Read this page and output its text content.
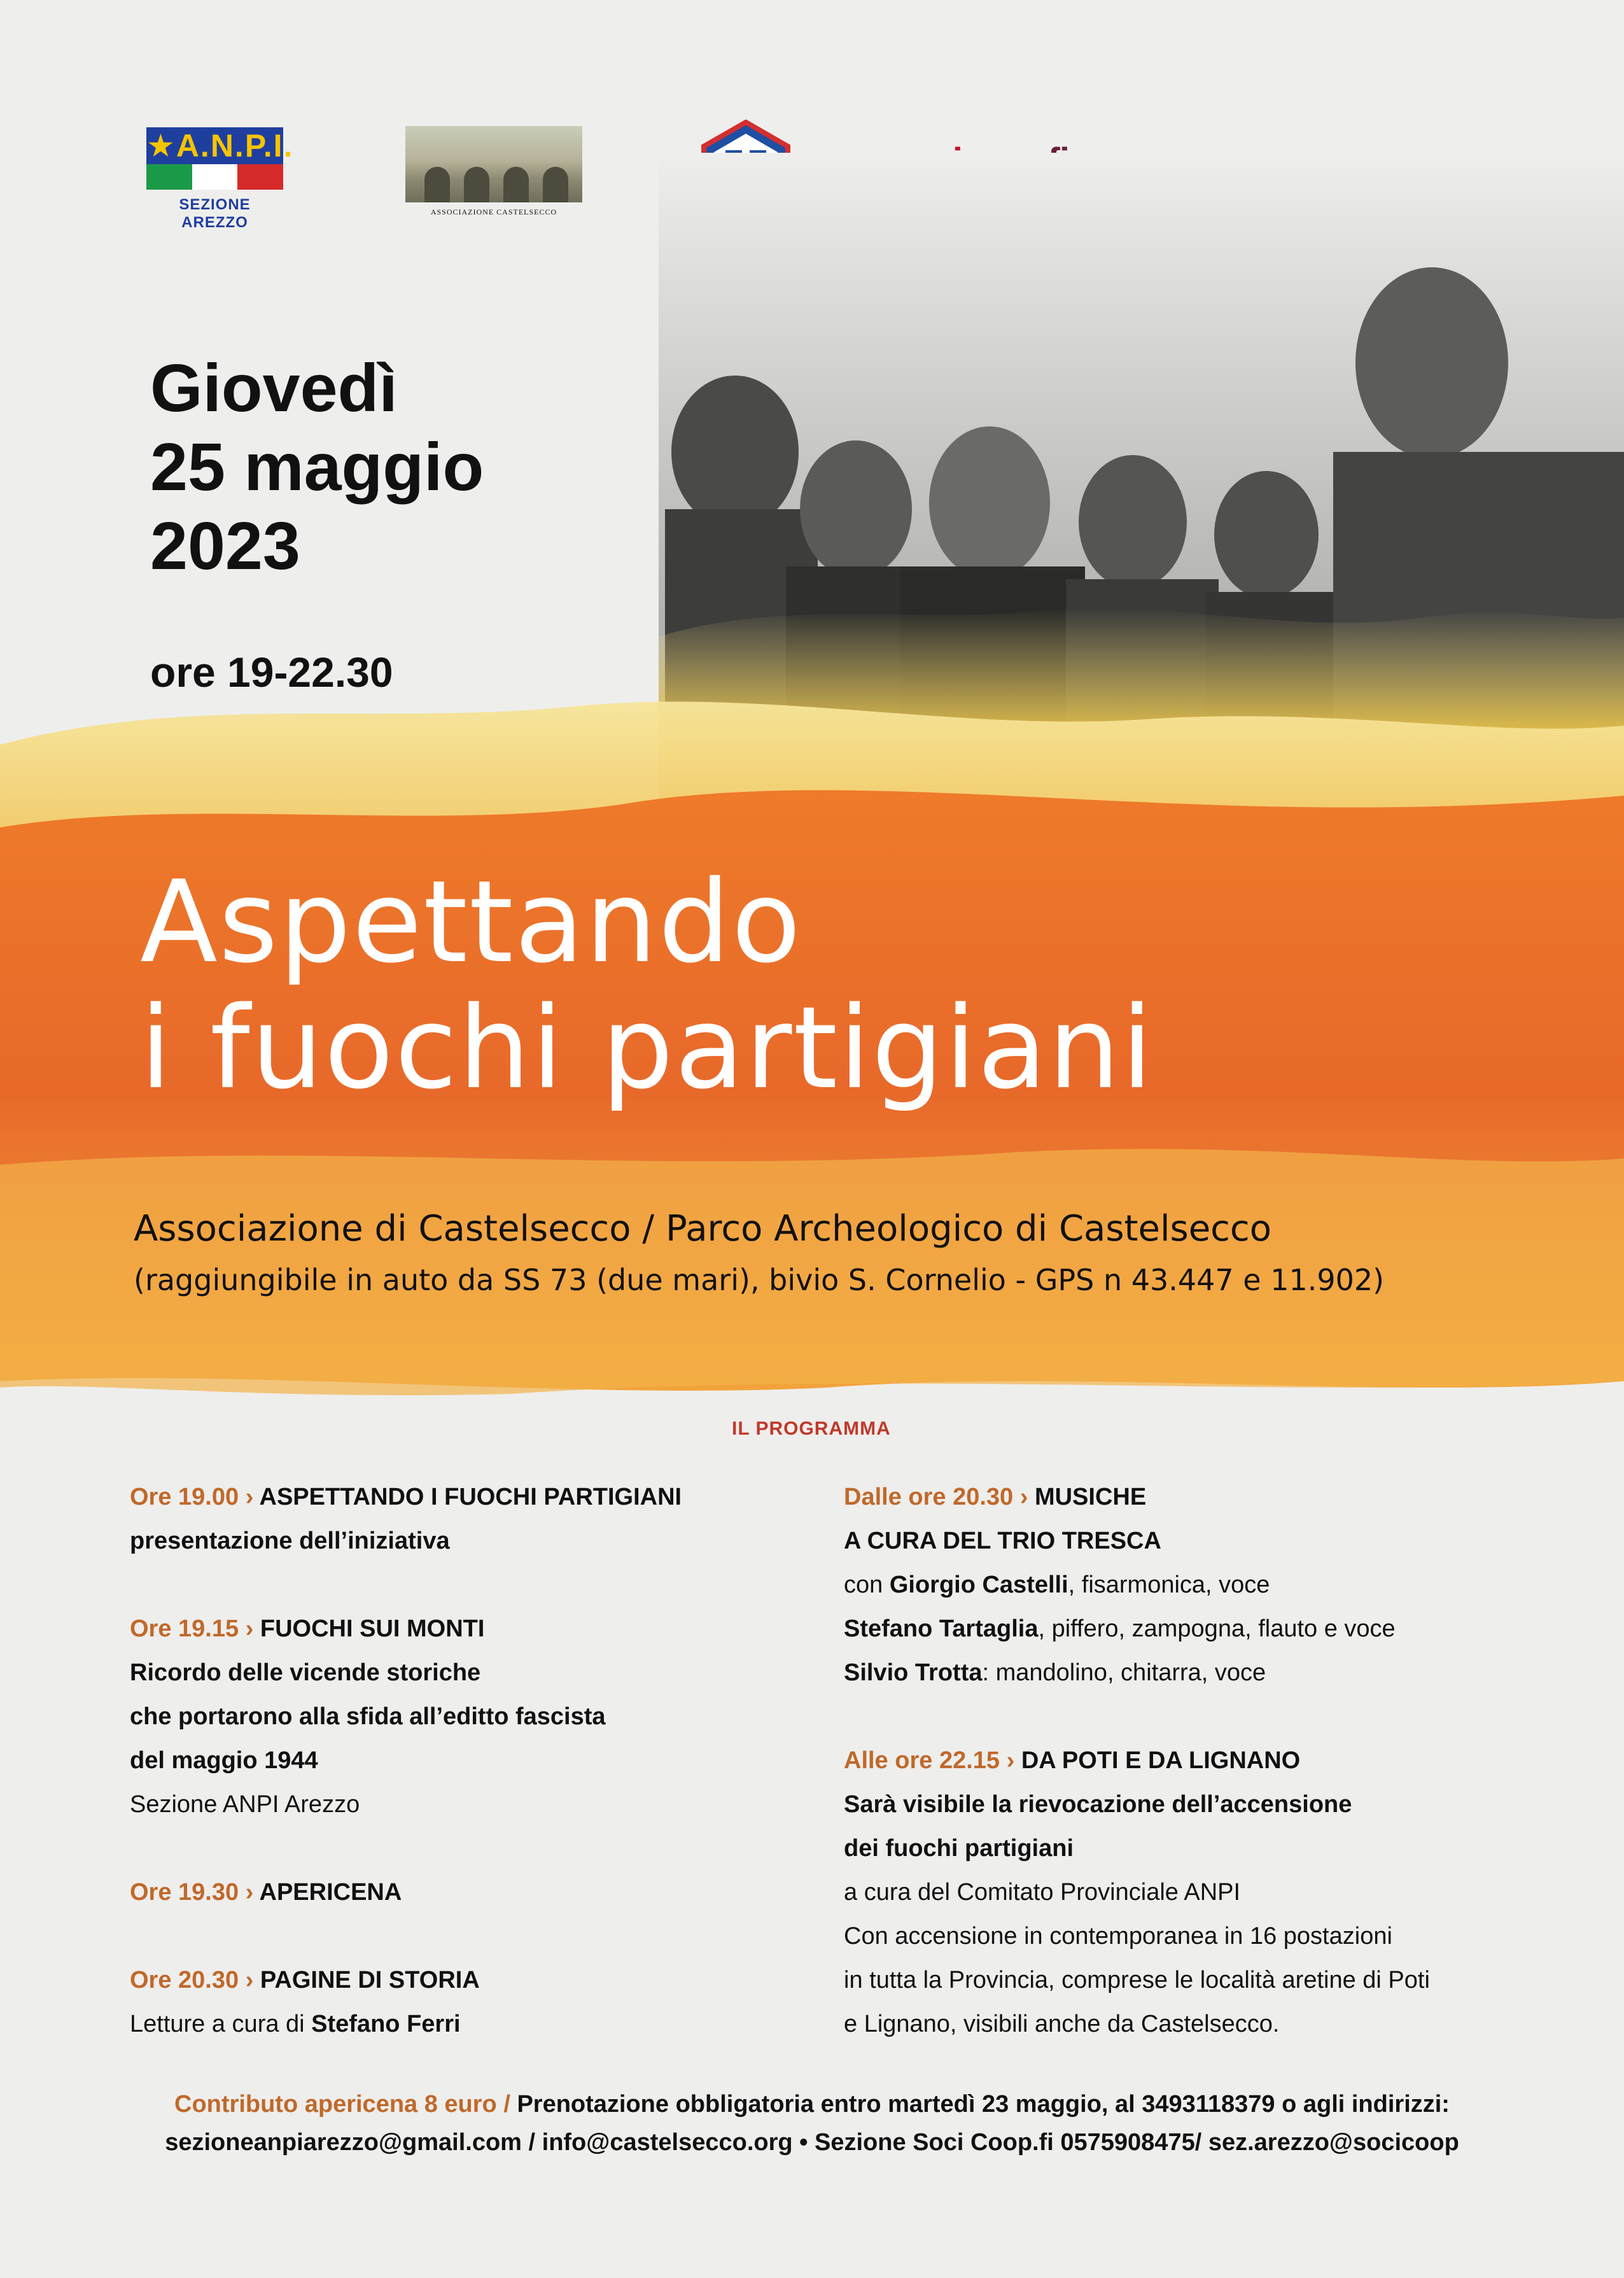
★A.N.P.I.
SEZIONE AREZZO
ASSOCIAZIONE CASTELSECCO
Giovedì
25 maggio
2023
ore 19-22.30
Aspettando
i fuochi partigiani
Associazione di Castelsecco / Parco Archeologico di Castelsecco
(raggiungibile in auto da SS 73 (due mari), bivio S. Cornelio - GPS n 43.447 e 11.902)
IL PROGRAMMA
Ore 19.00 › ASPETTANDO I FUOCHI PARTIGIANI
presentazione dell’iniziativa
Ore 19.15 › FUOCHI SUI MONTI
Ricordo delle vicende storiche
che portarono alla sfida all’editto fascista
del maggio 1944
Sezione ANPI Arezzo
Ore 19.30 › APERICENA
Ore 20.30 › PAGINE DI STORIA
Letture a cura di Stefano Ferri
Dalle ore 20.30 › MUSICHE
A CURA DEL TRIO TRESCA
con Giorgio Castelli, fisarmonica, voce
Stefano Tartaglia, piffero, zampogna, flauto e voce
Silvio Trotta: mandolino, chitarra, voce
Alle ore 22.15 › DA POTI E DA LIGNANO
Sarà visibile la rievocazione dell’accensione
dei fuochi partigiani
a cura del Comitato Provinciale ANPI
Con accensione in contemporanea in 16 postazioni
in tutta la Provincia, comprese le località aretine di Poti
e Lignano, visibili anche da Castelsecco.
Contributo apericena 8 euro / Prenotazione obbligatoria entro martedì 23 maggio, al 3493118379 o agli indirizzi:
sezioneanpiarezzo@gmail.com / info@castelsecco.org • Sezione Soci Coop.fi 0575908475/ sez.arezzo@socicoop
